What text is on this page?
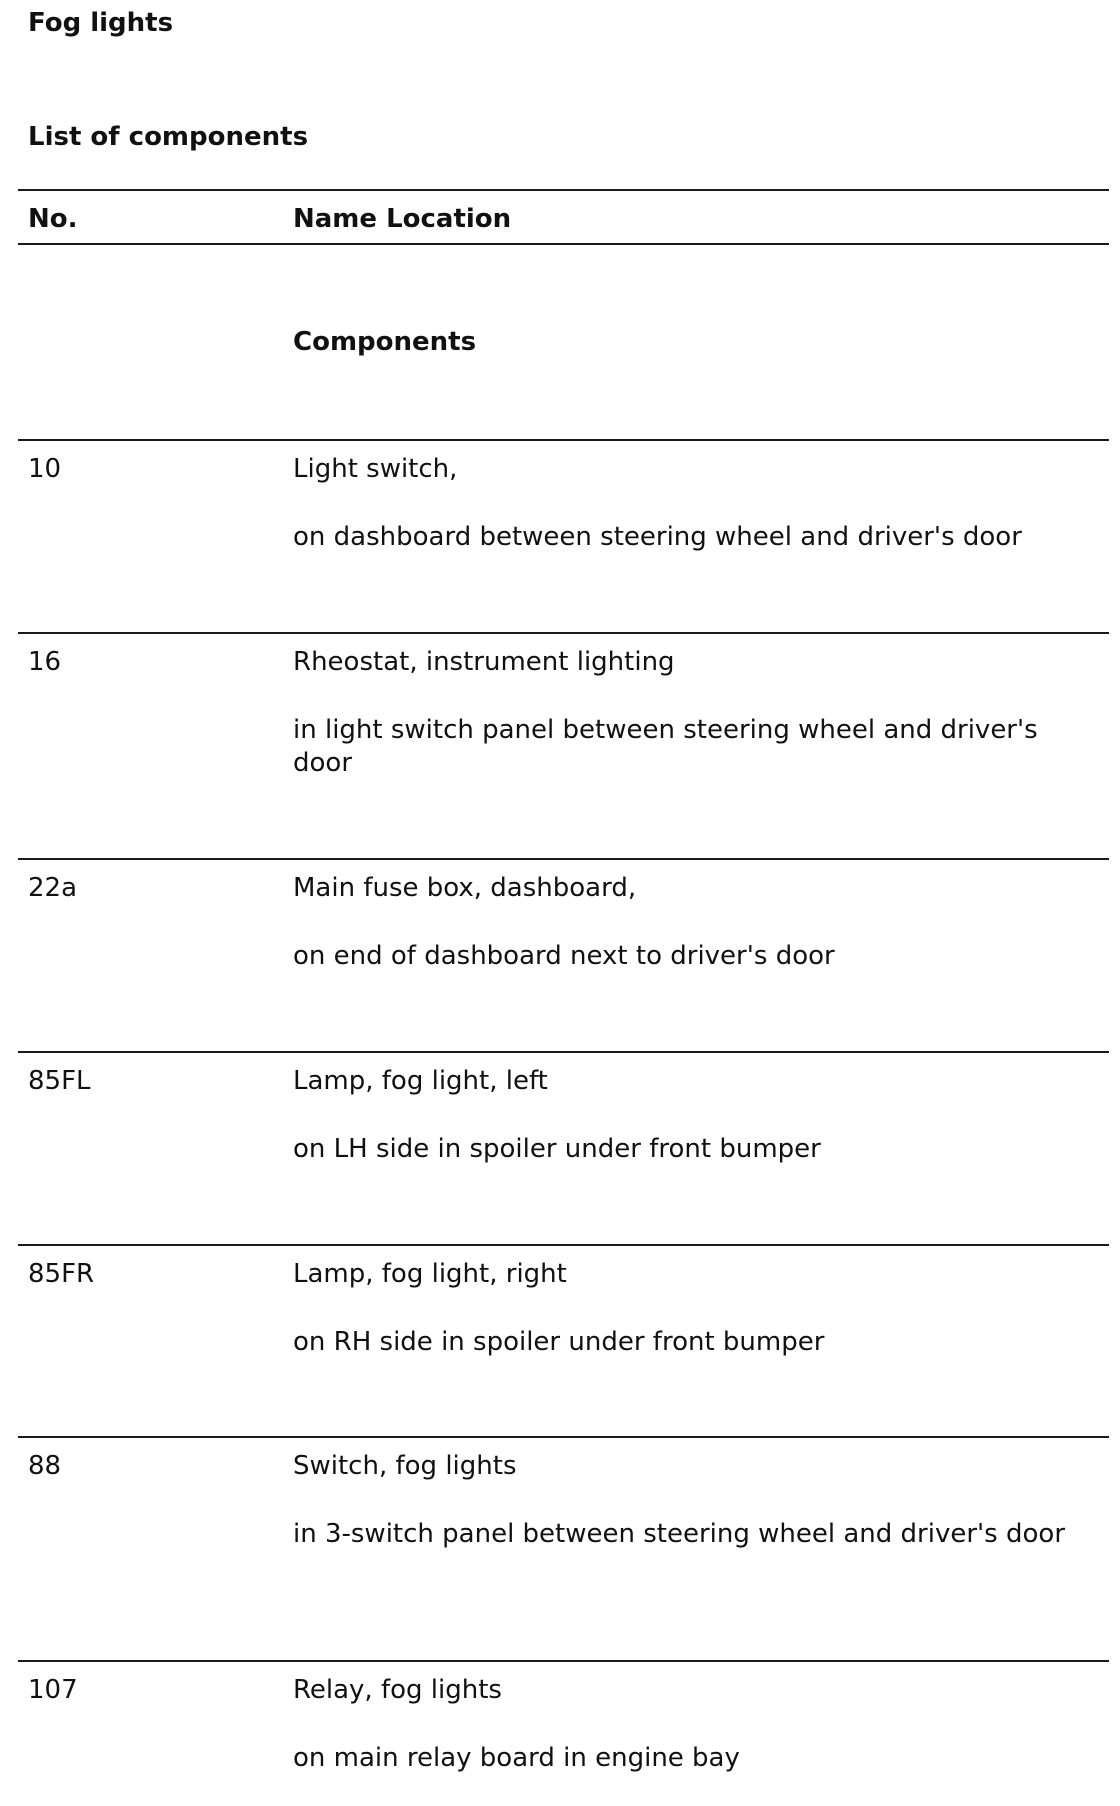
Fog lights
List of components
No.	Name Location
Components
10	Light switch,
on dashboard between steering wheel and driver's door
16	Rheostat, instrument lighting
in light switch panel between steering wheel and driver's door
22a	Main fuse box, dashboard,
on end of dashboard next to driver's door
85FL	Lamp, fog light, left
on LH side in spoiler under front bumper
85FR	Lamp, fog light, right
on RH side in spoiler under front bumper
88	Switch, fog lights
in 3-switch panel between steering wheel and driver's door
107	Relay, fog lights
on main relay board in engine bay
